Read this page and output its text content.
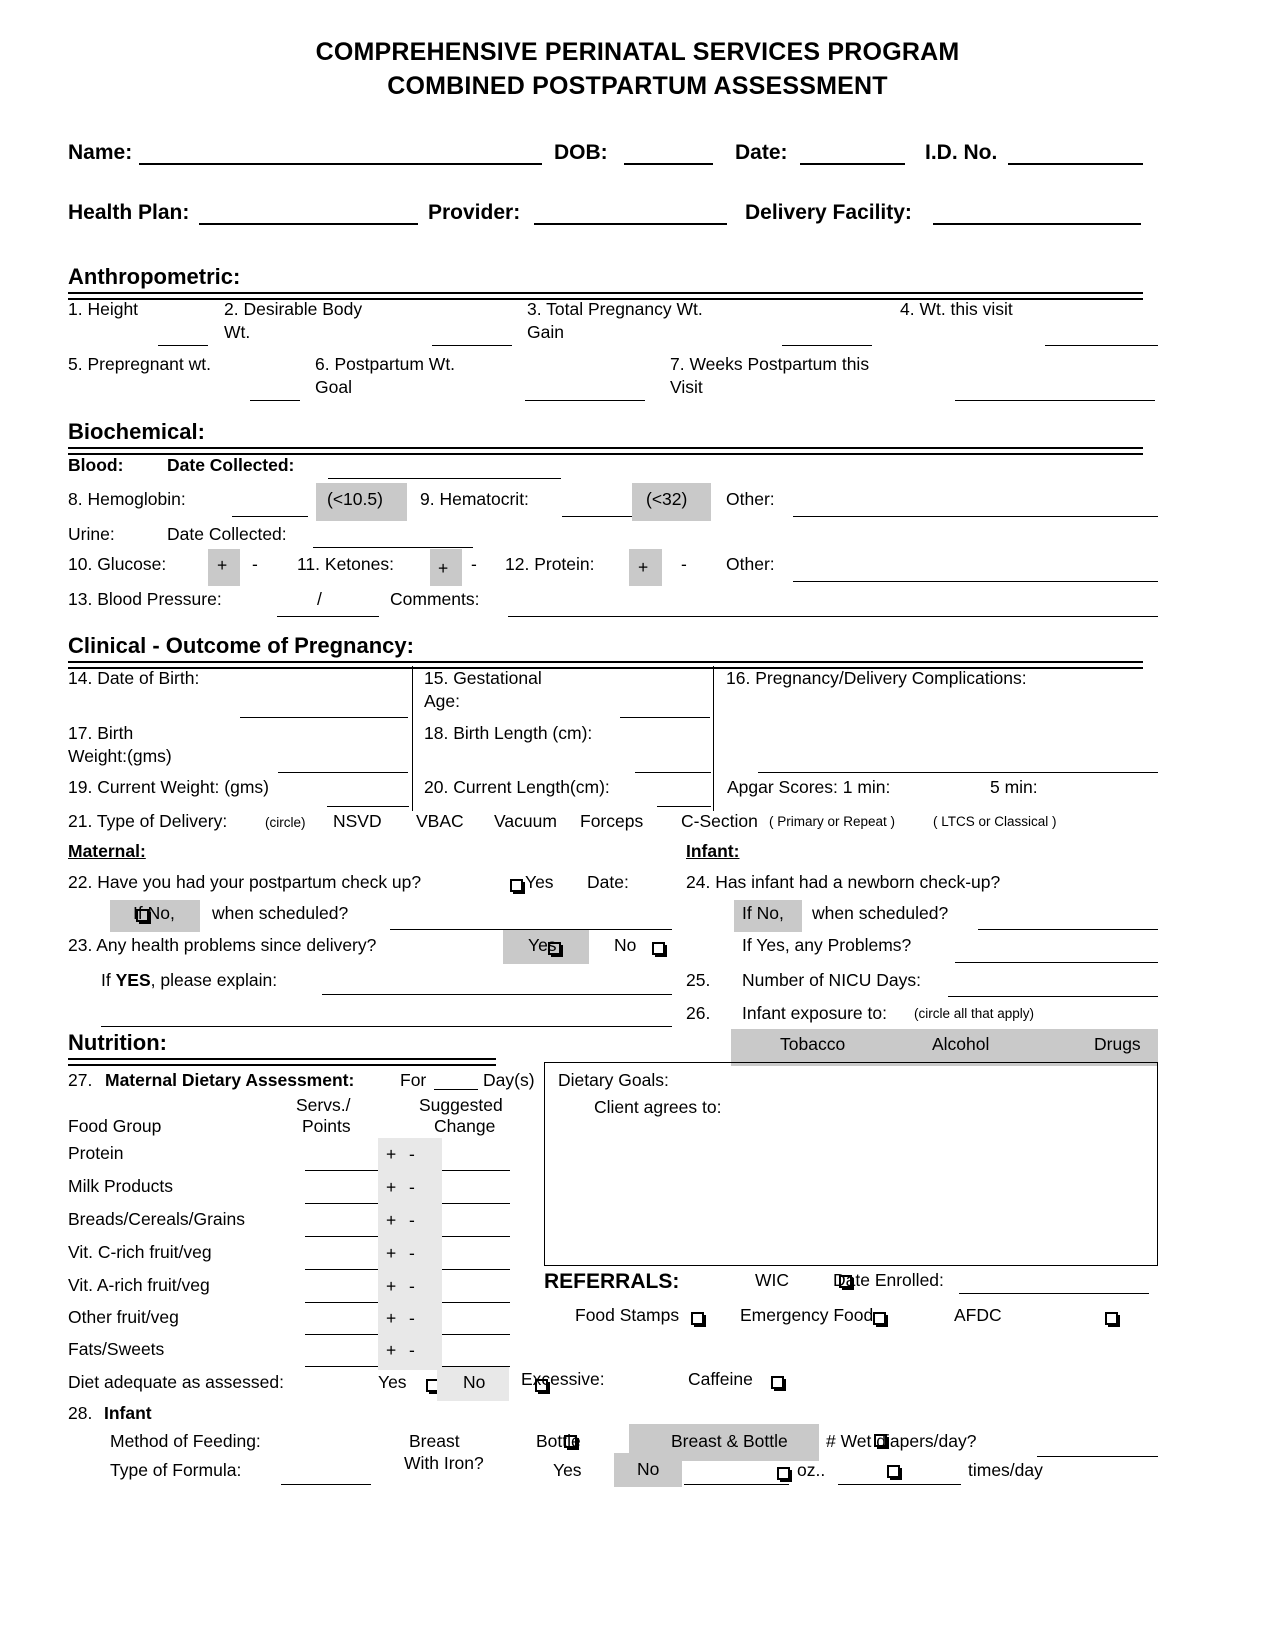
COMPREHENSIVE PERINATAL SERVICES PROGRAM
COMBINED POSTPARTUM ASSESSMENT
Name:	DOB:	Date:	I.D. No.
Health Plan:	Provider:	Delivery Facility:
Anthropometric:
1. Height	2. Desirable Body
Wt.
3. Total Pregnancy Wt.
Gain
4. Wt. this visit
5. Prepregnant wt.	6. Postpartum Wt.
Goal
7. Weeks Postpartum this
Visit
Biochemical:
Blood: Date Collected:
8. Hemoglobin:	(<10.5) 9. Hematocrit:	(<32) Other:
Urine:	Date Collected:
10. Glucose:	+ - 11. Ketones:	+ - 12. Protein: + - Other:
13. Blood Pressure:	/	Comments:
Clinical - Outcome of Pregnancy:
14. Date of Birth:	15. Gestational
Age:
16. Pregnancy/Delivery Complications:
17. Birth
Weight:(gms)
18. Birth Length (cm):
19. Current Weight: (gms)	20. Current Length(cm):	Apgar Scores: 1 min:	5 min:
21. Type of Delivery:	(circle) NSVD VBAC Vacuum Forceps C-Section ( Primary or Repeat )	( LTCS or Classical )
Maternal:
22. Have you had your postpartum check up?
	Yes Date:

If No, when scheduled?
23. Any health problems since delivery?
	Yes
	No
If YES, please explain:
Infant:
24. Has infant had a newborn check-up?
If No, when scheduled?
If Yes, any Problems?
25. Number of NICU Days:
26. Infant exposure to: (circle all that apply)
Tobacco	Alcohol	Drugs
Nutrition:
27. Maternal Dietary Assessment:	For	Day(s)
Servs./
Points
Suggested
Change
Food Group
Protein	+ -
Milk Products	+ -
Breads/Cereals/Grains	+ -
Vit. C-rich fruit/veg	+ -
Vit. A-rich fruit/veg	+ -
Other fruit/veg	+ -
Fats/Sweets	+ -
Diet adequate as assessed:
	Yes
	No Excessive:
	Caffeine
Dietary Goals:
Client agrees to:
REFERRALS:
	WIC	Date Enrolled:

Food Stamps
	Emergency Food
	AFDC
28. Infant
Method of Feeding:
	Breast
	Bottle
	Breast & Bottle # Wet diapers/day?
Type of Formula:	With Iron?
	Yes	No	oz..	times/day
